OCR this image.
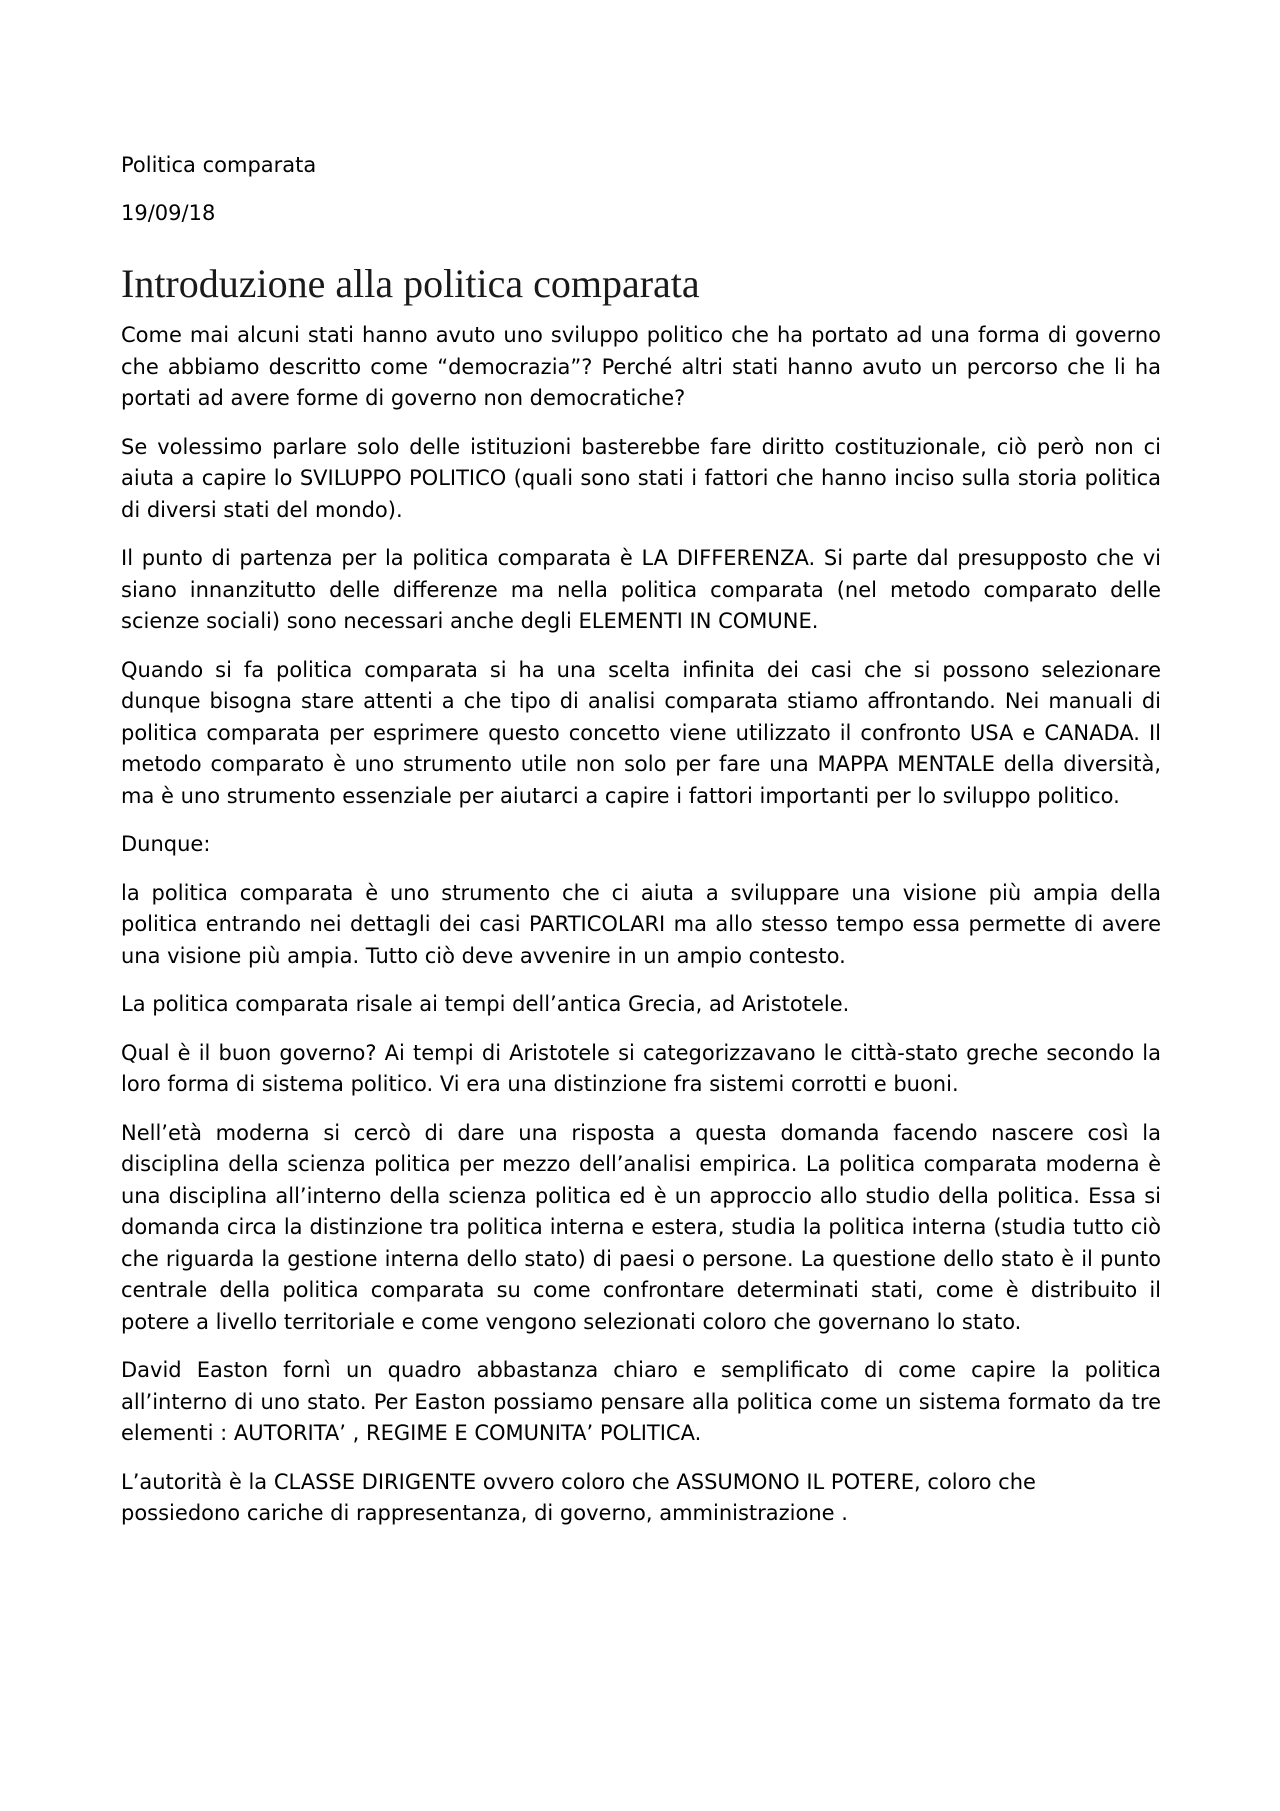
Politica comparata

19/09/18

Introduzione alla politica comparata

Come mai alcuni stati hanno avuto uno sviluppo politico che ha portato ad una forma di governo che abbiamo descritto come “democrazia”? Perché altri stati hanno avuto un percorso che li ha portati ad avere forme di governo non democratiche?

Se volessimo parlare solo delle istituzioni basterebbe fare diritto costituzionale, ciò però non ci aiuta a capire lo SVILUPPO POLITICO (quali sono stati i fattori che hanno inciso sulla storia politica di diversi stati del mondo).

Il punto di partenza per la politica comparata è LA DIFFERENZA. Si parte dal presupposto che vi siano innanzitutto delle differenze ma nella politica comparata (nel metodo comparato delle scienze sociali) sono necessari anche degli ELEMENTI IN COMUNE.

Quando si fa politica comparata si ha una scelta infinita dei casi che si possono selezionare dunque bisogna stare attenti a che tipo di analisi comparata stiamo affrontando. Nei manuali di politica comparata per esprimere questo concetto viene utilizzato il confronto USA e CANADA. Il metodo comparato è uno strumento utile non solo per fare una MAPPA MENTALE della diversità, ma è uno strumento essenziale per aiutarci a capire i fattori importanti per lo sviluppo politico.

Dunque:

la politica comparata è uno strumento che ci aiuta a sviluppare una visione più ampia della politica entrando nei dettagli dei casi PARTICOLARI ma allo stesso tempo essa permette di avere una visione più ampia. Tutto ciò deve avvenire in un ampio contesto.

La politica comparata risale ai tempi dell’antica Grecia, ad Aristotele.

Qual è il buon governo? Ai tempi di Aristotele si categorizzavano le città-stato greche secondo la loro forma di sistema politico. Vi era una distinzione fra sistemi corrotti e buoni.

Nell’età moderna si cercò di dare una risposta a questa domanda facendo nascere così la disciplina della scienza politica per mezzo dell’analisi empirica. La politica comparata moderna è una disciplina all’interno della scienza politica ed è un approccio allo studio della politica. Essa si domanda circa la distinzione tra politica interna e estera, studia la politica interna (studia tutto ciò che riguarda la gestione interna dello stato) di paesi o persone. La questione dello stato è il punto centrale della politica comparata su come confrontare determinati stati, come è distribuito il potere a livello territoriale e come vengono selezionati coloro che governano lo stato.

David Easton fornì un quadro abbastanza chiaro e semplificato di come capire la politica all’interno di uno stato. Per Easton possiamo pensare alla politica come un sistema formato da tre elementi : AUTORITA’ , REGIME E COMUNITA’ POLITICA.

L’autorità è la CLASSE DIRIGENTE ovvero coloro che ASSUMONO IL POTERE, coloro che possiedono cariche di rappresentanza, di governo, amministrazione .
